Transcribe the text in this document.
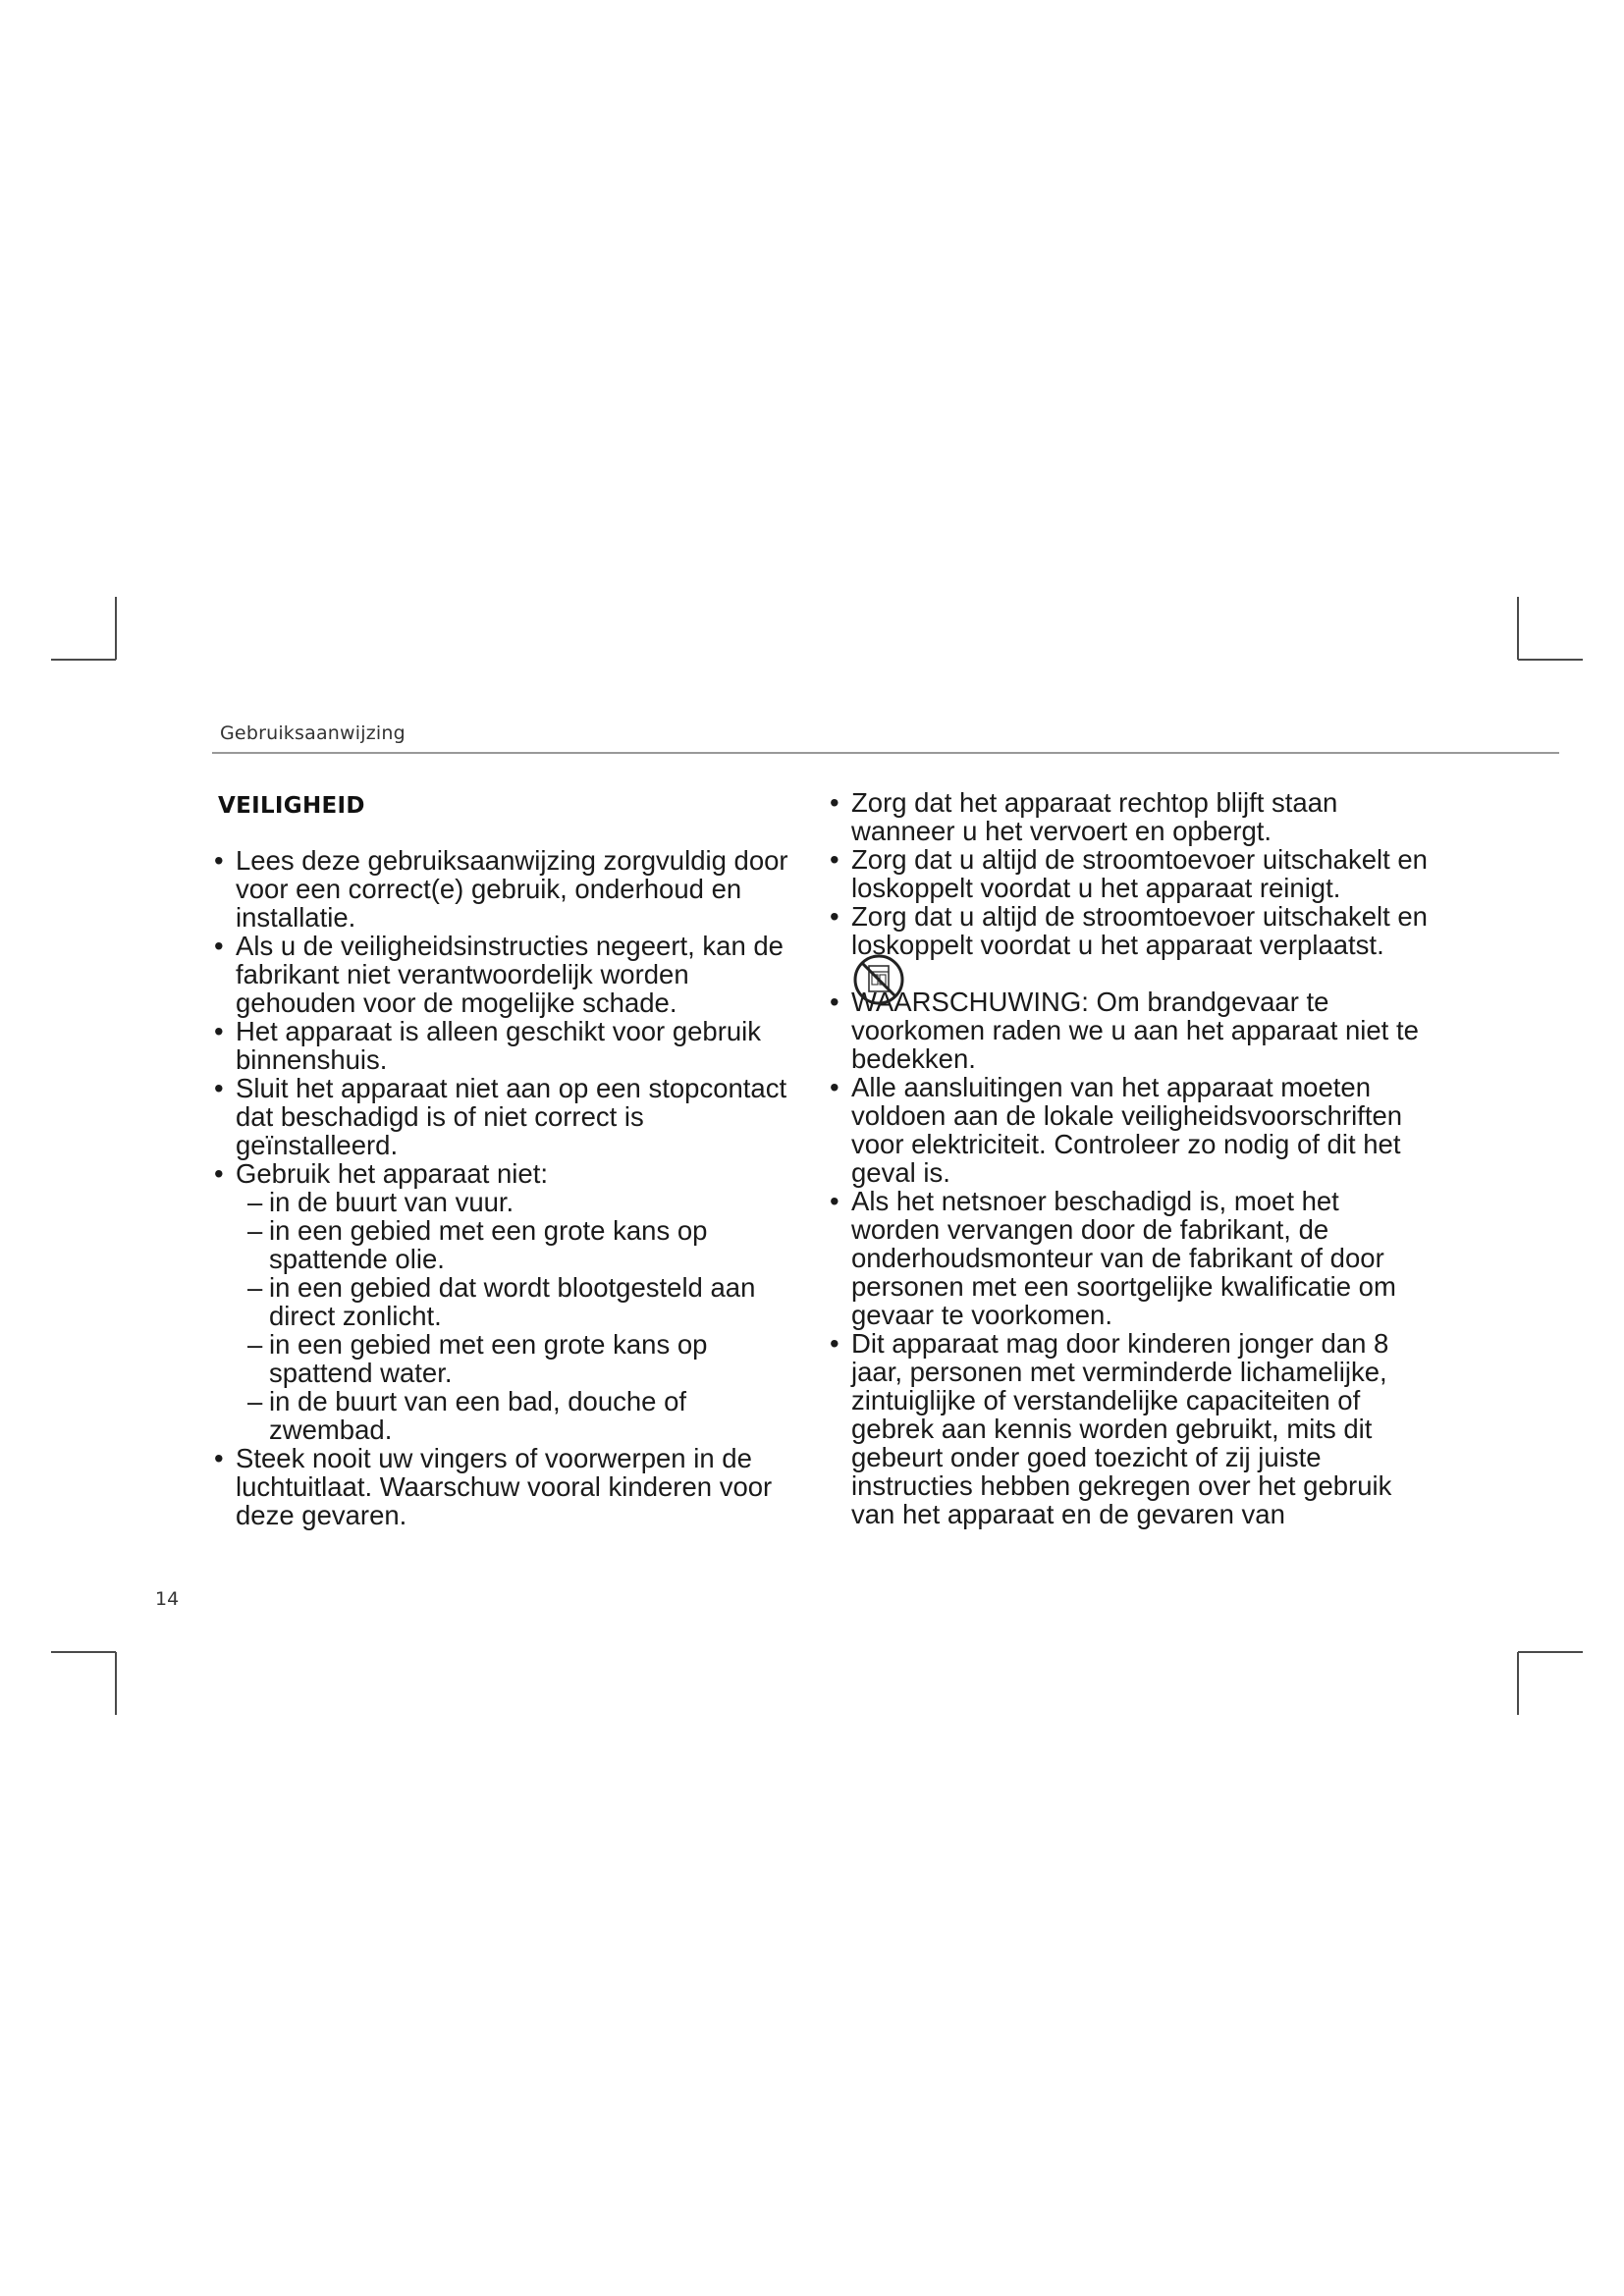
Gebruiksaanwijzing
VEILIGHEID
• Lees deze gebruiksaanwijzing zorgvuldig door voor een correct(e) gebruik, onderhoud en installatie.
• Als u de veiligheidsinstructies negeert, kan de fabrikant niet verantwoordelijk worden gehouden voor de mogelijke schade.
• Het apparaat is alleen geschikt voor gebruik binnenshuis.
• Sluit het apparaat niet aan op een stopcontact dat beschadigd is of niet correct is geïnstalleerd.
• Gebruik het apparaat niet:
– in de buurt van vuur.
– in een gebied met een grote kans op spattende olie.
– in een gebied dat wordt blootgesteld aan direct zonlicht.
– in een gebied met een grote kans op spattend water.
– in de buurt van een bad, douche of zwembad.
• Steek nooit uw vingers of voorwerpen in de luchtuitlaat. Waarschuw vooral kinderen voor deze gevaren.
• Zorg dat het apparaat rechtop blijft staan wanneer u het vervoert en opbergt.
• Zorg dat u altijd de stroomtoevoer uitschakelt en loskoppelt voordat u het apparaat reinigt.
• Zorg dat u altijd de stroomtoevoer uitschakelt en loskoppelt voordat u het apparaat verplaatst.
• WAARSCHUWING: Om brandgevaar te voorkomen raden we u aan het apparaat niet te bedekken.
• Alle aansluitingen van het apparaat moeten voldoen aan de lokale veiligheidsvoorschriften voor elektriciteit. Controleer zo nodig of dit het geval is.
• Als het netsnoer beschadigd is, moet het worden vervangen door de fabrikant, de onderhoudsmonteur van de fabrikant of door personen met een soortgelijke kwalificatie om gevaar te voorkomen.
• Dit apparaat mag door kinderen jonger dan 8 jaar, personen met verminderde lichamelijke, zintuiglijke of verstandelijke capaciteiten of gebrek aan kennis worden gebruikt, mits dit gebeurt onder goed toezicht of zij juiste instructies hebben gekregen over het gebruik van het apparaat en de gevaren van
14
